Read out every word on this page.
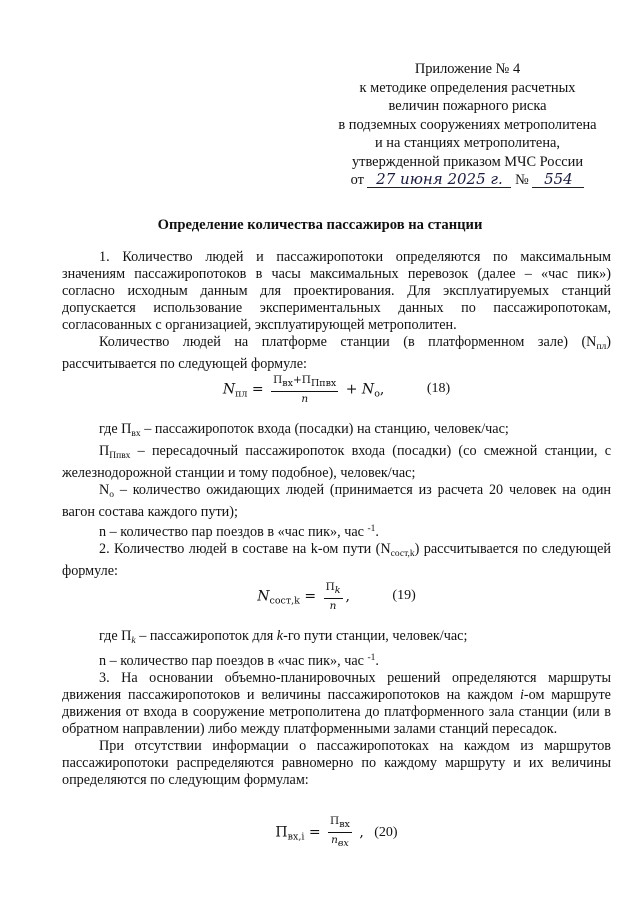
Приложение № 4
к методике определения расчетных
величин пожарного риска
в подземных сооружениях метрополитена
и на станциях метрополитена,
утвержденной приказом МЧС России
от 27 июня 2025 г. № 554
Определение количества пассажиров на станции

1. Количество людей и пассажиропотоки определяются по максимальным значениям пассажиропотоков в часы максимальных перевозок (далее – «час пик») согласно исходным данным для проектирования. Для эксплуатируемых станций допускается использование экспериментальных данных по пассажиропотокам, согласованных с организацией, эксплуатирующей метрополитен.

Количество людей на платформе станции (в платформенном зале) $(N_{пл})$ рассчитывается по следующей формуле:

$N_{пл}$ =
Пвх+ППпвх
n
+ $N_о$,	(18)

где $П_{вх}$ – пассажиропоток входа (посадки) на станцию, человек/час;

$П_{Ппвх}$ – пересадочный пассажиропоток входа (посадки) (со смежной станции, с железнодорожной станции и тому подобное), человек/час;

$N_о$ – количество ожидающих людей (принимается из расчета 20 человек на один вагон состава каждого пути);

n – количество пар поездов в «час пик», час $^{-1}$.

2. Количество людей в составе на k-ом пути $(N_{сост,k})$ рассчитывается по следующей формуле:

$N_{сост,k}$ =
Пk
n
,	(19)

где $П_k$ – пассажиропоток для k-го пути станции, человек/час;

n – количество пар поездов в «час пик», час $^{-1}$.

3. На основании объемно-планировочных решений определяются маршруты движения пассажиропотоков и величины пассажиропотоков на каждом i-ом маршруте движения от входа в сооружение метрополитена до платформенного зала станции (или в обратном направлении) либо между платформенными залами станций пересадок.

При отсутствии информации о пассажиропотоках на каждом из маршрутов пассажиропотоки распределяются равномерно по каждому маршруту и их величины определяются по следующим формулам:

$П_{вх,i}$ =
Пвх
nвх
, (20)
